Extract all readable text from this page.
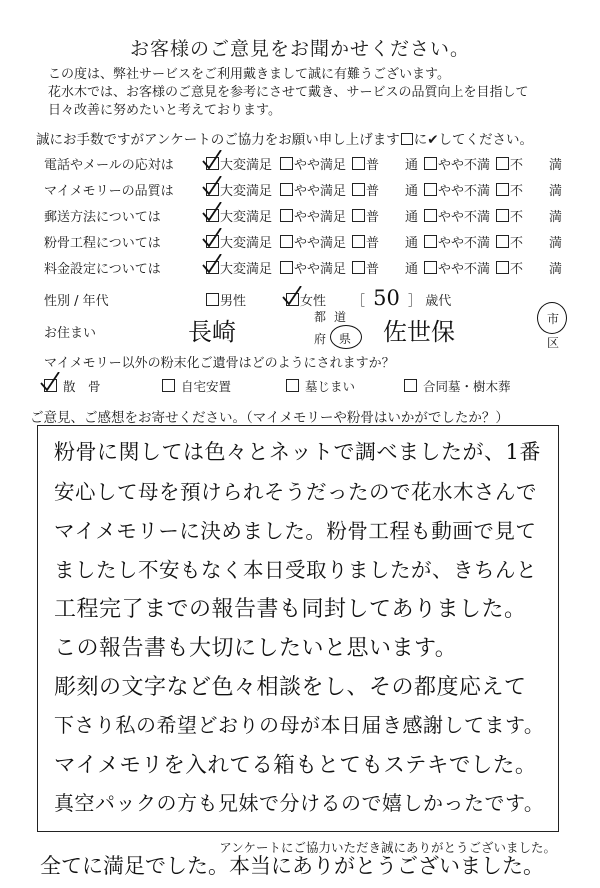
お客様のご意見をお聞かせください。
この度は、弊社サービスをご利用戴きまして誠に有難うございます。
花水木では、お客様のご意見を参考にさせて戴き、サービスの品質向上を目指して
日々改善に努めたいと考えております。
誠にお手数ですがアンケートのご協力をお願い申し上げます に✔してください。
電話やメールの応対は	大変満足	やや満足	普　　通	やや不満	不　　満
マイメモリーの品質は	大変満足	やや満足	普　　通	やや不満	不　　満
郵送方法については	大変満足	やや満足	普　　通	やや不満	不　　満
粉骨工程については	大変満足	やや満足	普　　通	やや不満	不　　満
料金設定については	大変満足	やや満足	普　　通	やや不満	不　　満
性別 / 年代	男性	女性 ［ 50 ］ 歳代
お住まい	長崎
都 道
府 県 佐世保	市
区
マイメモリー以外の粉末化ご遺骨はどのようにされますか？
散　骨	自宅安置	墓じまい	合同墓・樹木葬
ご意見、ご感想をお寄せください。（マイメモリーや粉骨はいかがでしたか？）
粉骨に関しては色々とネットで調べましたが、1番
安心して母を預けられそうだったので花水木さんで
マイメモリーに決めました。粉骨工程も動画で見て
ましたし不安もなく本日受取りましたが、きちんと
工程完了までの報告書も同封してありました。
この報告書も大切にしたいと思います。
彫刻の文字など色々相談をし、その都度応えて
下さり私の希望どおりの母が本日届き感謝してます。
マイメモリを入れてる箱もとてもステキでした。
真空パックの方も兄妹で分けるので嬉しかったです。
アンケートにご協力いただき誠にありがとうございました。
全てに満足でした。本当にありがとうございました。
